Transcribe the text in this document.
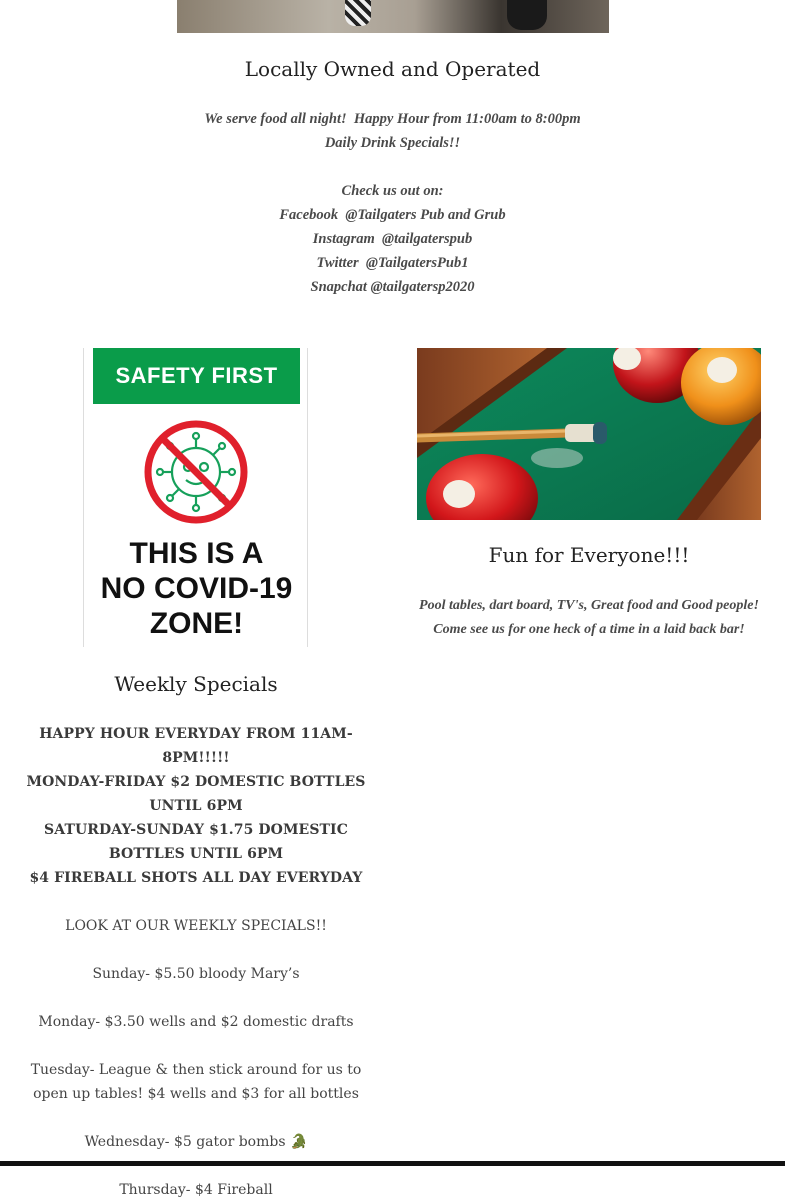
Locally Owned and Operated

We serve food all night!  Happy Hour from 11:00am to 8:00pm

Daily Drink Specials!!

Check us out on:

Facebook  @Tailgaters Pub and Grub

Instagram  @tailgaterspub

Twitter  @TailgatersPub1

Snapchat @tailgatersp2020

SAFETY FIRST
THIS IS A
NO COVID-19
ZONE!
Fun for Everyone!!!

Pool tables, dart board, TV's, Great food and Good people!

Come see us for one heck of a time in a laid back bar!

Weekly Specials

HAPPY HOUR EVERYDAY FROM 11AM-8PM!!!!!

MONDAY-FRIDAY $2 DOMESTIC BOTTLES UNTIL 6PM

SATURDAY-SUNDAY $1.75 DOMESTIC BOTTLES UNTIL 6PM

$4 FIREBALL SHOTS ALL DAY EVERYDAY

LOOK AT OUR WEEKLY SPECIALS!!

Sunday- $5.50 bloody Mary’s

Monday- $3.50 wells and $2 domestic drafts

Tuesday- League & then stick around for us to open up tables! $4 wells and $3 for all bottles

Wednesday- $5 gator bombs 🐊

Thursday- $4 Fireball
